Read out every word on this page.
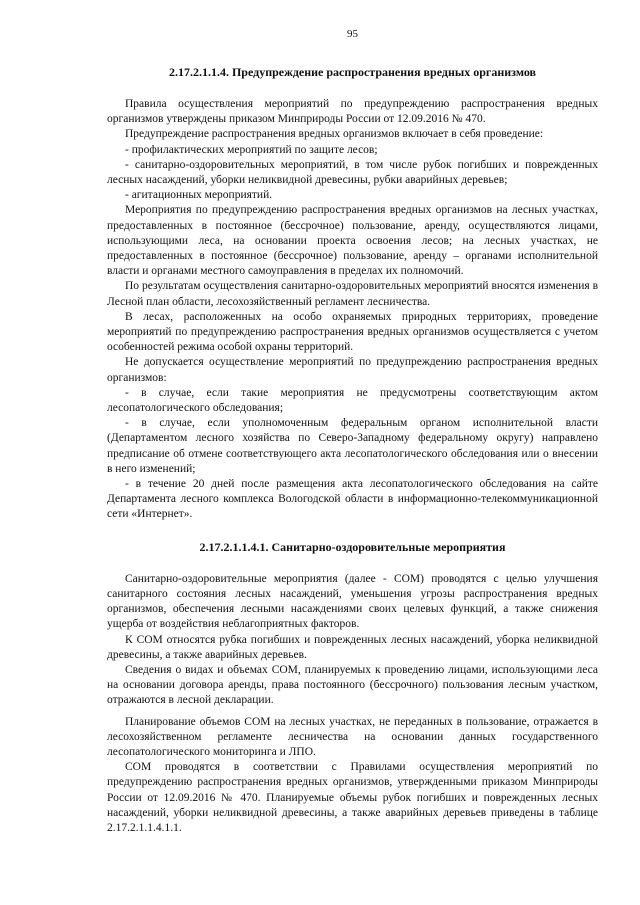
95
2.17.2.1.1.4. Предупреждение распространения вредных организмов

Правила осуществления мероприятий по предупреждению распространения вредных организмов утверждены приказом Минприроды России от 12.09.2016 № 470.

Предупреждение распространения вредных организмов включает в себя проведение:

- профилактических мероприятий по защите лесов;

- санитарно-оздоровительных мероприятий, в том числе рубок погибших и поврежденных лесных насаждений, уборки неликвидной древесины, рубки аварийных деревьев;

- агитационных мероприятий.

Мероприятия по предупреждению распространения вредных организмов на лесных участках, предоставленных в постоянное (бессрочное) пользование, аренду, осуществляются лицами, использующими леса, на основании проекта освоения лесов; на лесных участках, не предоставленных в постоянное (бессрочное) пользование, аренду – органами исполнительной власти и органами местного самоуправления в пределах их полномочий.

По результатам осуществления санитарно-оздоровительных мероприятий вносятся изменения в Лесной план области, лесохозяйственный регламент лесничества.

В лесах, расположенных на особо охраняемых природных территориях, проведение мероприятий по предупреждению распространения вредных организмов осуществляется с учетом особенностей режима особой охраны территорий.

Не допускается осуществление мероприятий по предупреждению распространения вредных организмов:

- в случае, если такие мероприятия не предусмотрены соответствующим актом лесопатологического обследования;

- в случае, если уполномоченным федеральным органом исполнительной власти (Департаментом лесного хозяйства по Северо-Западному федеральному округу) направлено предписание об отмене соответствующего акта лесопатологического обследования или о внесении в него изменений;

- в течение 20 дней после размещения акта лесопатологического обследования на сайте Департамента лесного комплекса Вологодской области в информационно-телекоммуникационной сети «Интернет».

2.17.2.1.1.4.1. Санитарно-оздоровительные мероприятия

Санитарно-оздоровительные мероприятия (далее - СОМ) проводятся с целью улучшения санитарного состояния лесных насаждений, уменьшения угрозы распространения вредных организмов, обеспечения лесными насаждениями своих целевых функций, а также снижения ущерба от воздействия неблагоприятных факторов.

К СОМ относятся рубка погибших и поврежденных лесных насаждений, уборка неликвидной древесины, а также аварийных деревьев.

Сведения о видах и объемах СОМ, планируемых к проведению лицами, использующими леса на основании договора аренды, права постоянного (бессрочного) пользования лесным участком, отражаются в лесной декларации.

Планирование объемов СОМ на лесных участках, не переданных в пользование, отражается в лесохозяйственном регламенте лесничества на основании данных государственного лесопатологического мониторинга и ЛПО.

СОМ проводятся в соответствии с Правилами осуществления мероприятий по предупреждению распространения вредных организмов, утвержденными приказом Минприроды России от 12.09.2016 № 470. Планируемые объемы рубок погибших и поврежденных лесных насаждений, уборки неликвидной древесины, а также аварийных деревьев приведены в таблице 2.17.2.1.1.4.1.1.
